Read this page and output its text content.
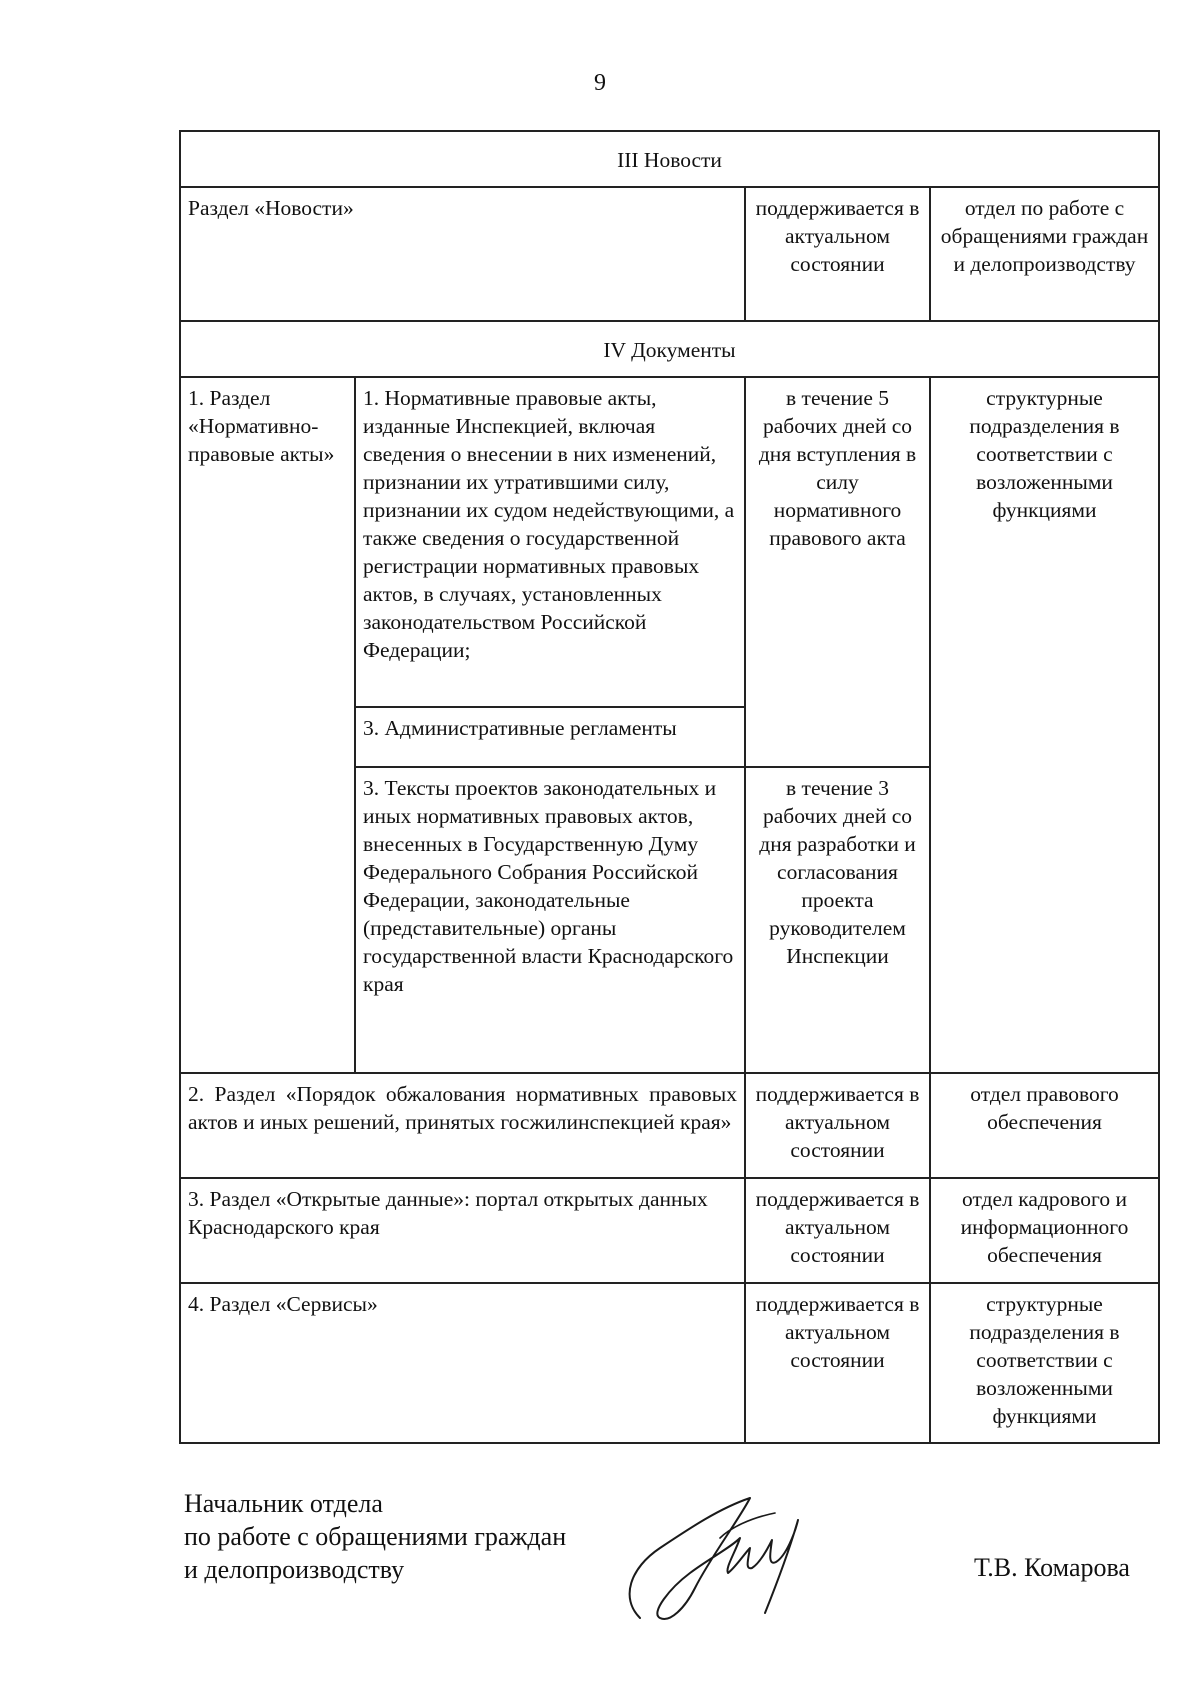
9
III Новости			
Раздел «Новости»		поддерживается в актуальном состоянии	отдел по работе с обращениями граждан и делопроизводству
IV Документы			
1. Раздел «Нормативно-правовые акты»	1. Нормативные правовые акты, изданные Инспекцией, включая сведения о внесении в них изменений, признании их утратившими силу, признании их судом недействующими, а также сведения о государственной регистрации нормативных правовых актов, в случаях, установленных законодательством Российской Федерации;	в течение 5 рабочих дней со дня вступления в силу нормативного правового акта	структурные подразделения в соответствии с возложенными функциями
	3. Административные регламенты		
	3. Тексты проектов законодательных и иных нормативных правовых актов, внесенных в Государственную Думу Федерального Собрания Российской Федерации, законодательные (представительные) органы государственной власти Краснодарского края	в течение 3 рабочих дней со дня разработки и согласования проекта руководителем Инспекции	
2. Раздел «Порядок обжалования нормативных правовых актов и иных решений, принятых госжилинспекцией края»		поддерживается в актуальном состоянии	отдел правового обеспечения
3. Раздел «Открытые данные»: портал открытых данных Краснодарского края		поддерживается в актуальном состоянии	отдел кадрового и информационного обеспечения
4. Раздел «Сервисы»		поддерживается в актуальном состоянии	структурные подразделения в соответствии с возложенными функциями
Начальник отдела
по работе с обращениями граждан
и делопроизводству	Т.В. Комарова
